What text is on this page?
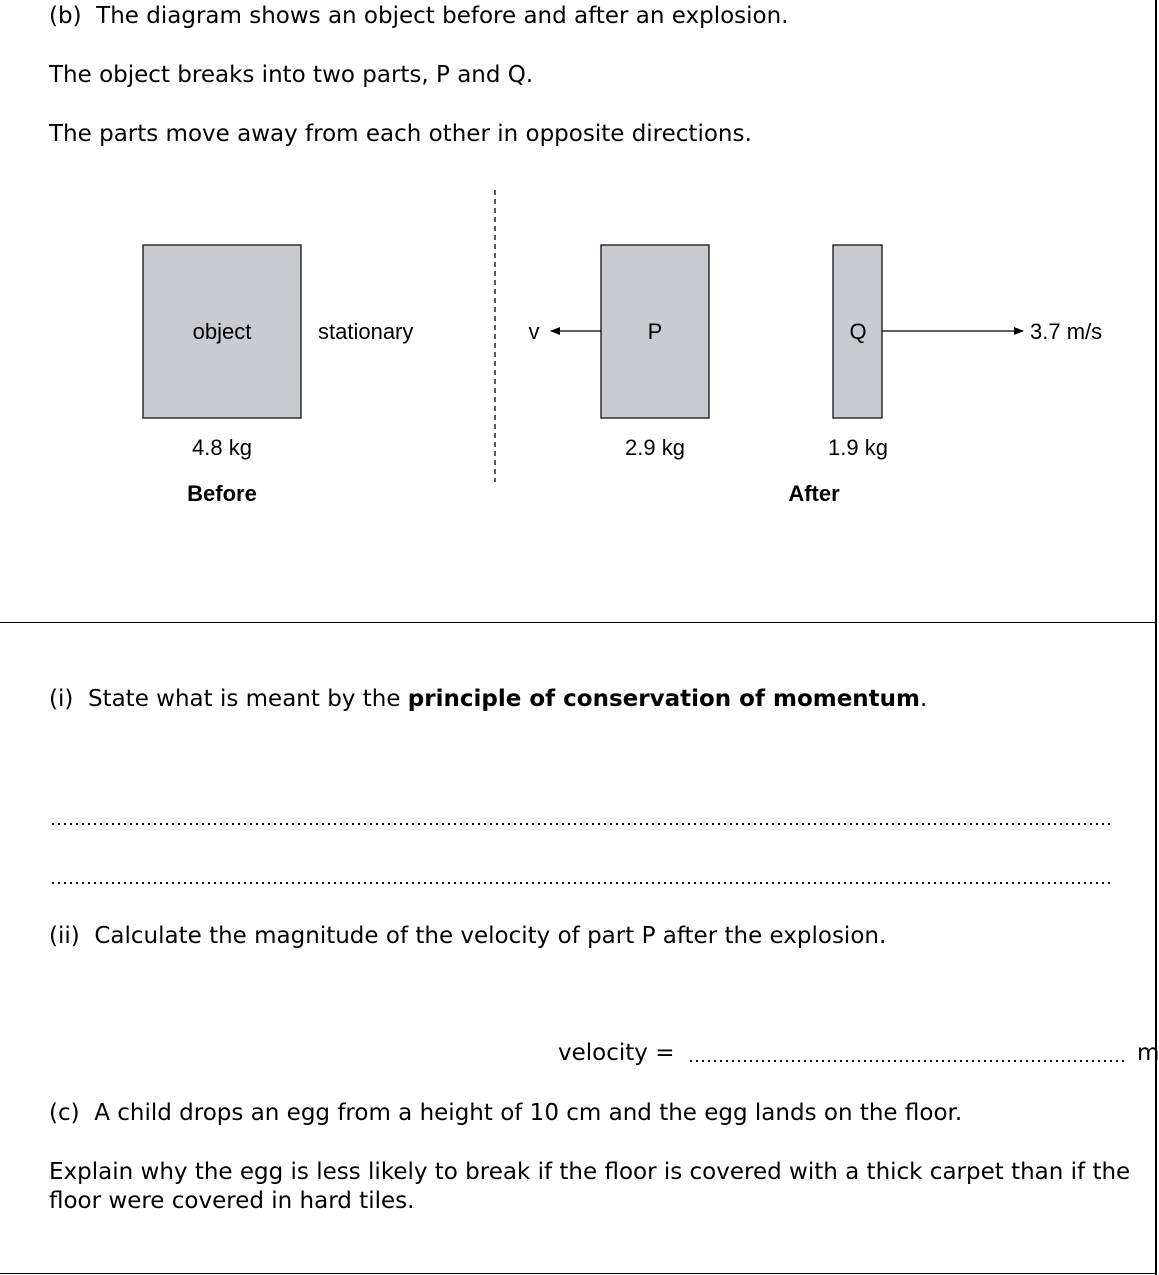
(b) The diagram shows an object before and after an explosion.
The object breaks into two parts, P and Q.
The parts move away from each other in opposite directions.
object	stationary
4.8 kg
Before
P
v
2.9 kg
Q	3.7 m/s
1.9 kg
After
(i) State what is meant by the principle of conservation of momentum.
(ii) Calculate the magnitude of the velocity of part P after the explosion.
velocity =	m
(c) A child drops an egg from a height of 10 cm and the egg lands on the floor.
Explain why the egg is less likely to break if the floor is covered with a thick carpet than if the
floor were covered in hard tiles.
